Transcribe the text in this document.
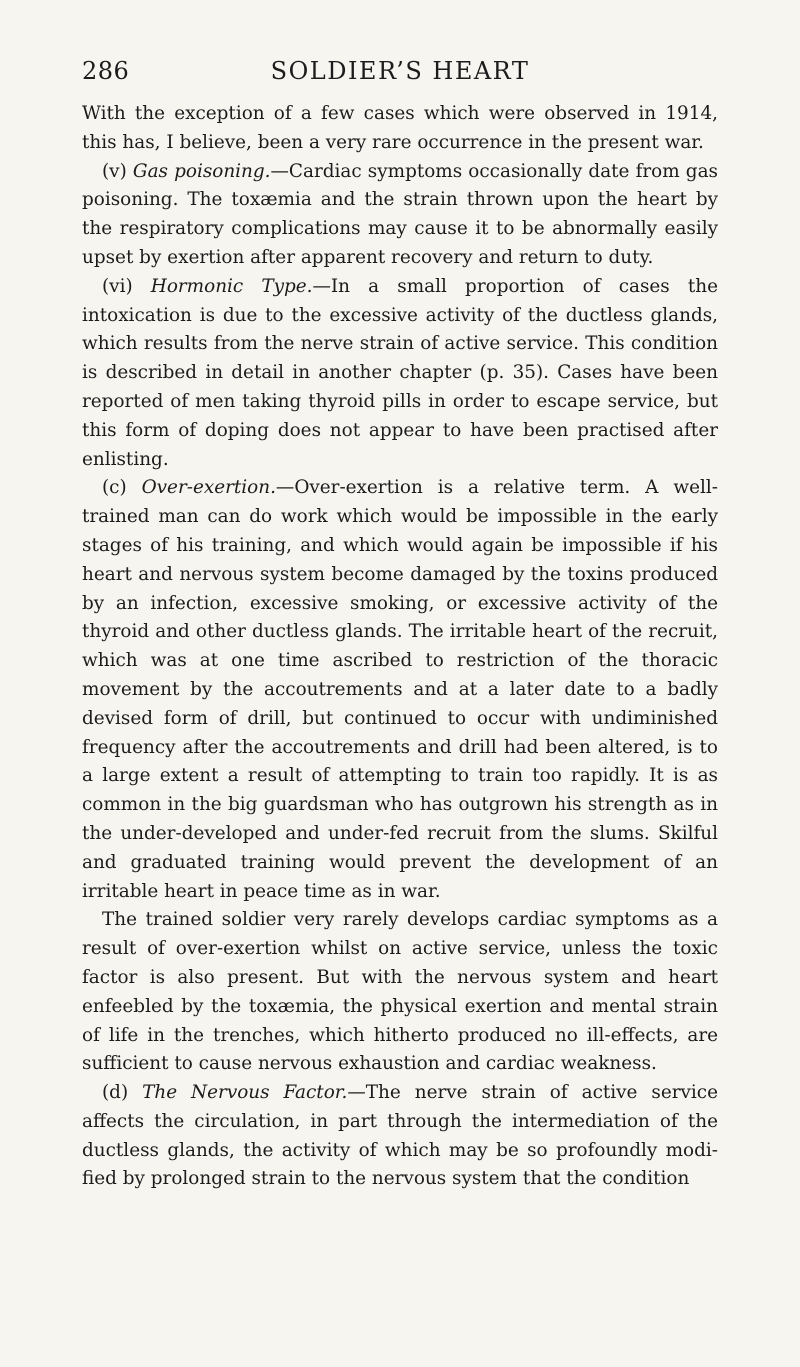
286	SOLDIER’S HEART

With the exception of a few cases which were observed in 1914, this has, I believe, been a very rare occurrence in the present war.

(v) Gas poisoning.—Cardiac symptoms occasionally date from gas poisoning. The toxæmia and the strain thrown upon the heart by the respiratory complications may cause it to be abnormally easily upset by exertion after apparent recovery and return to duty.

(vi) Hormonic Type.—In a small proportion of cases the intoxication is due to the excessive activity of the ductless glands, which results from the nerve strain of active service. This condition is described in detail in another chapter (p. 35). Cases have been reported of men taking thyroid pills in order to escape service, but this form of doping does not appear to have been practised after enlisting.

(c) Over-exertion.—Over-exertion is a relative term. A well-trained man can do work which would be impossible in the early stages of his training, and which would again be impossible if his heart and nervous system become damaged by the toxins produced by an infection, excessive smoking, or excessive activity of the thyroid and other ductless glands. The irritable heart of the recruit, which was at one time ascribed to restriction of the thoracic movement by the accoutrements and at a later date to a badly devised form of drill, but continued to occur with undiminished frequency after the accoutrements and drill had been altered, is to a large extent a result of attempting to train too rapidly. It is as common in the big guardsman who has outgrown his strength as in the under-developed and under-fed recruit from the slums. Skilful and graduated training would prevent the development of an irritable heart in peace time as in war.

The trained soldier very rarely develops cardiac symptoms as a result of over-exertion whilst on active service, unless the toxic factor is also present. But with the nervous system and heart enfeebled by the toxæmia, the physical exertion and mental strain of life in the trenches, which hitherto produced no ill-effects, are sufficient to cause nervous exhaustion and cardiac weakness.

(d) The Nervous Factor.—The nerve strain of active service affects the circulation, in part through the intermediation of the ductless glands, the activity of which may be so profoundly modified by prolonged strain to the nervous system that the condition
